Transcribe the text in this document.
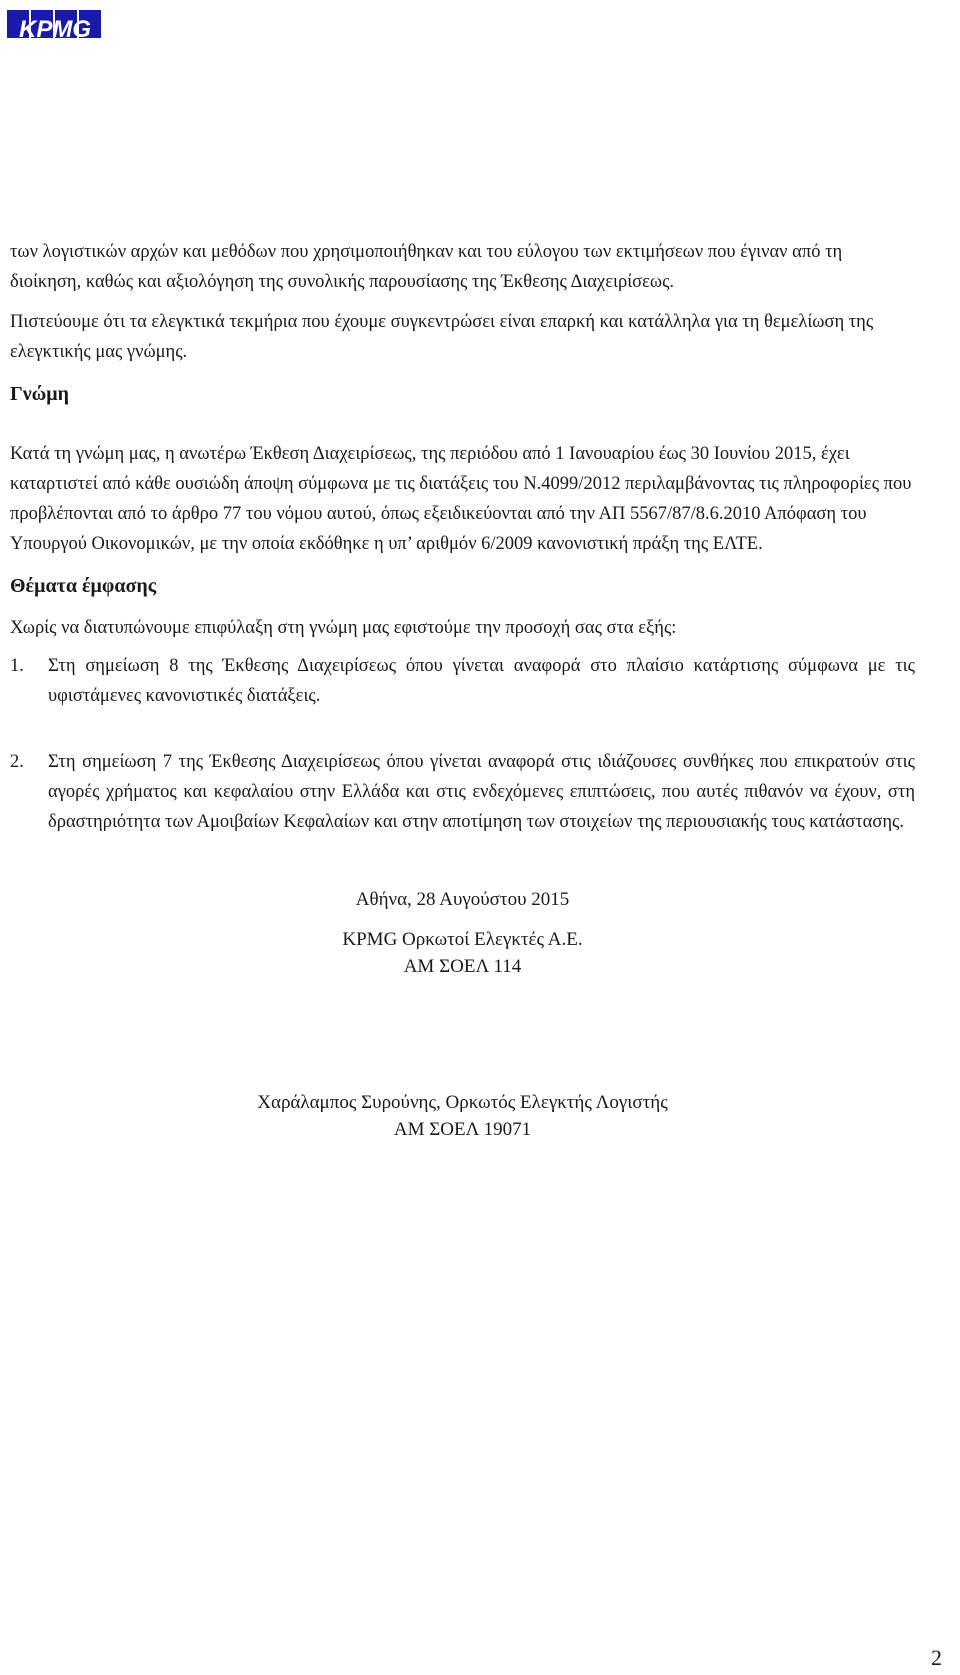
KPMG

των λογιστικών αρχών και μεθόδων που χρησιμοποιήθηκαν και του εύλογου των εκτιμήσεων που έγιναν από τη διοίκηση, καθώς και αξιολόγηση της συνολικής παρουσίασης της Έκθεσης Διαχειρίσεως.

Πιστεύουμε ότι τα ελεγκτικά τεκμήρια που έχουμε συγκεντρώσει είναι επαρκή και κατάλληλα για τη θεμελίωση της ελεγκτικής μας γνώμης.

Γνώμη

Κατά τη γνώμη μας, η ανωτέρω Έκθεση Διαχειρίσεως, της περιόδου από 1 Ιανουαρίου έως 30 Ιουνίου 2015, έχει καταρτιστεί από κάθε ουσιώδη άποψη σύμφωνα με τις διατάξεις του Ν.4099/2012 περιλαμβάνοντας τις πληροφορίες που προβλέπονται από το άρθρο 77 του νόμου αυτού, όπως εξειδικεύονται από την ΑΠ 5567/87/8.6.2010 Απόφαση του Υπουργού Οικονομικών, με την οποία εκδόθηκε η υπ’ αριθμόν 6/2009 κανονιστική πράξη της ΕΛΤΕ.

Θέματα έμφασης

Χωρίς να διατυπώνουμε επιφύλαξη στη γνώμη μας εφιστούμε την προσοχή σας στα εξής:

1.	Στη σημείωση 8 της Έκθεσης Διαχειρίσεως όπου γίνεται αναφορά στο πλαίσιο κατάρτισης σύμφωνα με τις υφιστάμενες κανονιστικές διατάξεις.
2.	Στη σημείωση 7 της Έκθεσης Διαχειρίσεως όπου γίνεται αναφορά στις ιδιάζουσες συνθήκες που επικρατούν στις αγορές χρήματος και κεφαλαίου στην Ελλάδα και στις ενδεχόμενες επιπτώσεις, που αυτές πιθανόν να έχουν, στη δραστηριότητα των Αμοιβαίων Κεφαλαίων και στην αποτίμηση των στοιχείων της περιουσιακής τους κατάστασης.
Αθήνα, 28 Αυγούστου 2015
KPMG Ορκωτοί Ελεγκτές Α.Ε.
ΑΜ ΣΟΕΛ 114
Χαράλαμπος Συρούνης, Ορκωτός Ελεγκτής Λογιστής
ΑΜ ΣΟΕΛ 19071
2
